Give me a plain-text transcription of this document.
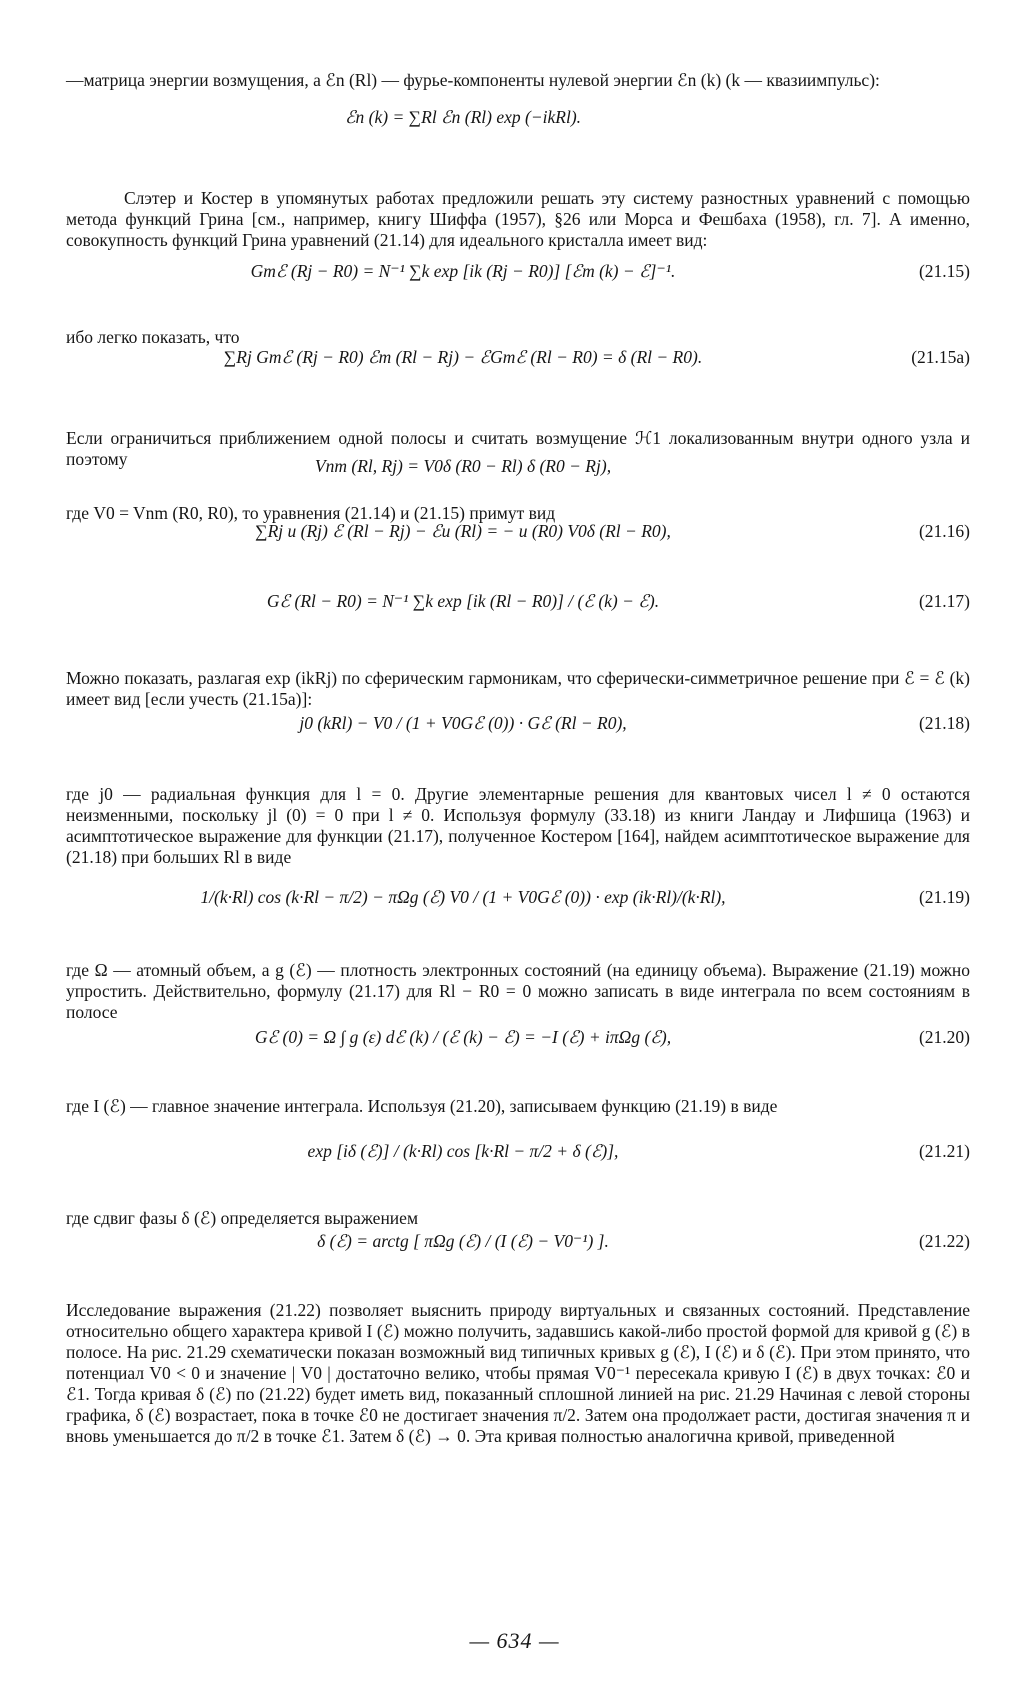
—матрица энергии возмущения, а ℰn (Rl) — фурье-компоненты нулевой энергии ℰn (k) (k — квазиимпульс):

ℰn (k) = ∑Rl ℰn (Rl) exp (−ikRl).

Слэтер и Костер в упомянутых работах предложили решать эту систему разностных уравнений с помощью метода функций Грина [см., например, книгу Шиффа (1957), §26 или Морса и Фешбаха (1958), гл. 7]. А именно, совокупность функций Грина уравнений (21.14) для идеального кристалла имеет вид:

Gmℰ (Rj − R0) = N⁻¹ ∑k exp [ik (Rj − R0)] [ℰm (k) − ℰ]⁻¹.	(21.15)

ибо легко показать, что

∑Rj Gmℰ (Rj − R0) ℰm (Rl − Rj) − ℰGmℰ (Rl − R0) = δ (Rl − R0).	(21.15а)

Если ограничиться приближением одной полосы и считать возмущение ℋ1 локализованным внутри одного узла и поэтому	Vnm (Rl, Rj) = V0δ (R0 − Rl) δ (R0 − Rj),

где V0 = Vnm (R0, R0), то уравнения (21.14) и (21.15) примут вид

∑Rj u (Rj) ℰ (Rl − Rj) − ℰu (Rl) = − u (R0) V0δ (Rl − R0),	(21.16)
Gℰ (Rl − R0) = N⁻¹ ∑k exp [ik (Rl − R0)] / (ℰ (k) − ℰ).	(21.17)

Можно показать, разлагая exp (ikRj) по сферическим гармоникам, что сферически-симметричное решение при ℰ = ℰ (k) имеет вид [если учесть (21.15а)]:

j0 (kRl) − V0 / (1 + V0Gℰ (0)) · Gℰ (Rl − R0),	(21.18)

где j0 — радиальная функция для l = 0. Другие элементарные решения для квантовых чисел l ≠ 0 остаются неизменными, поскольку jl (0) = 0 при l ≠ 0. Используя формулу (33.18) из книги Ландау и Лифшица (1963) и асимптотическое выражение для функции (21.17), полученное Костером [164], найдем асимптотическое выражение для (21.18) при больших Rl в виде

1/(k·Rl) cos (k·Rl − π/2) − πΩg (ℰ) V0 / (1 + V0Gℰ (0)) · exp (ik·Rl)/(k·Rl),	(21.19)

где Ω — атомный объем, а g (ℰ) — плотность электронных состояний (на единицу объема). Выражение (21.19) можно упростить. Действительно, формулу (21.17) для Rl − R0 = 0 можно записать в виде интеграла по всем состояниям в полосе

Gℰ (0) = Ω ∫ g (ε) dℰ (k) / (ℰ (k) − ℰ) = −I (ℰ) + iπΩg (ℰ),	(21.20)

где I (ℰ) — главное значение интеграла. Используя (21.20), записываем функцию (21.19) в виде

exp [iδ (ℰ)] / (k·Rl) cos [k·Rl − π/2 + δ (ℰ)],	(21.21)

где сдвиг фазы δ (ℰ) определяется выражением

δ (ℰ) = arctg [ πΩg (ℰ) / (I (ℰ) − V0⁻¹) ].	(21.22)

Исследование выражения (21.22) позволяет выяснить природу виртуальных и связанных состояний. Представление относительно общего характера кривой I (ℰ) можно получить, задавшись какой-либо простой формой для кривой g (ℰ) в полосе. На рис. 21.29 схематически показан возможный вид типичных кривых g (ℰ), I (ℰ) и δ (ℰ). При этом принято, что потенциал V0 < 0 и значение | V0 | достаточно велико, чтобы прямая V0⁻¹ пересекала кривую I (ℰ) в двух точках: ℰ0 и ℰ1. Тогда кривая δ (ℰ) по (21.22) будет иметь вид, показанный сплошной линией на рис. 21.29 Начиная с левой стороны графика, δ (ℰ) возрастает, пока в точке ℰ0 не достигает значения π/2. Затем она продолжает расти, достигая значения π и вновь уменьшается до π/2 в точке ℰ1. Затем δ (ℰ) → 0. Эта кривая полностью аналогична кривой, приведенной

— 634 —
